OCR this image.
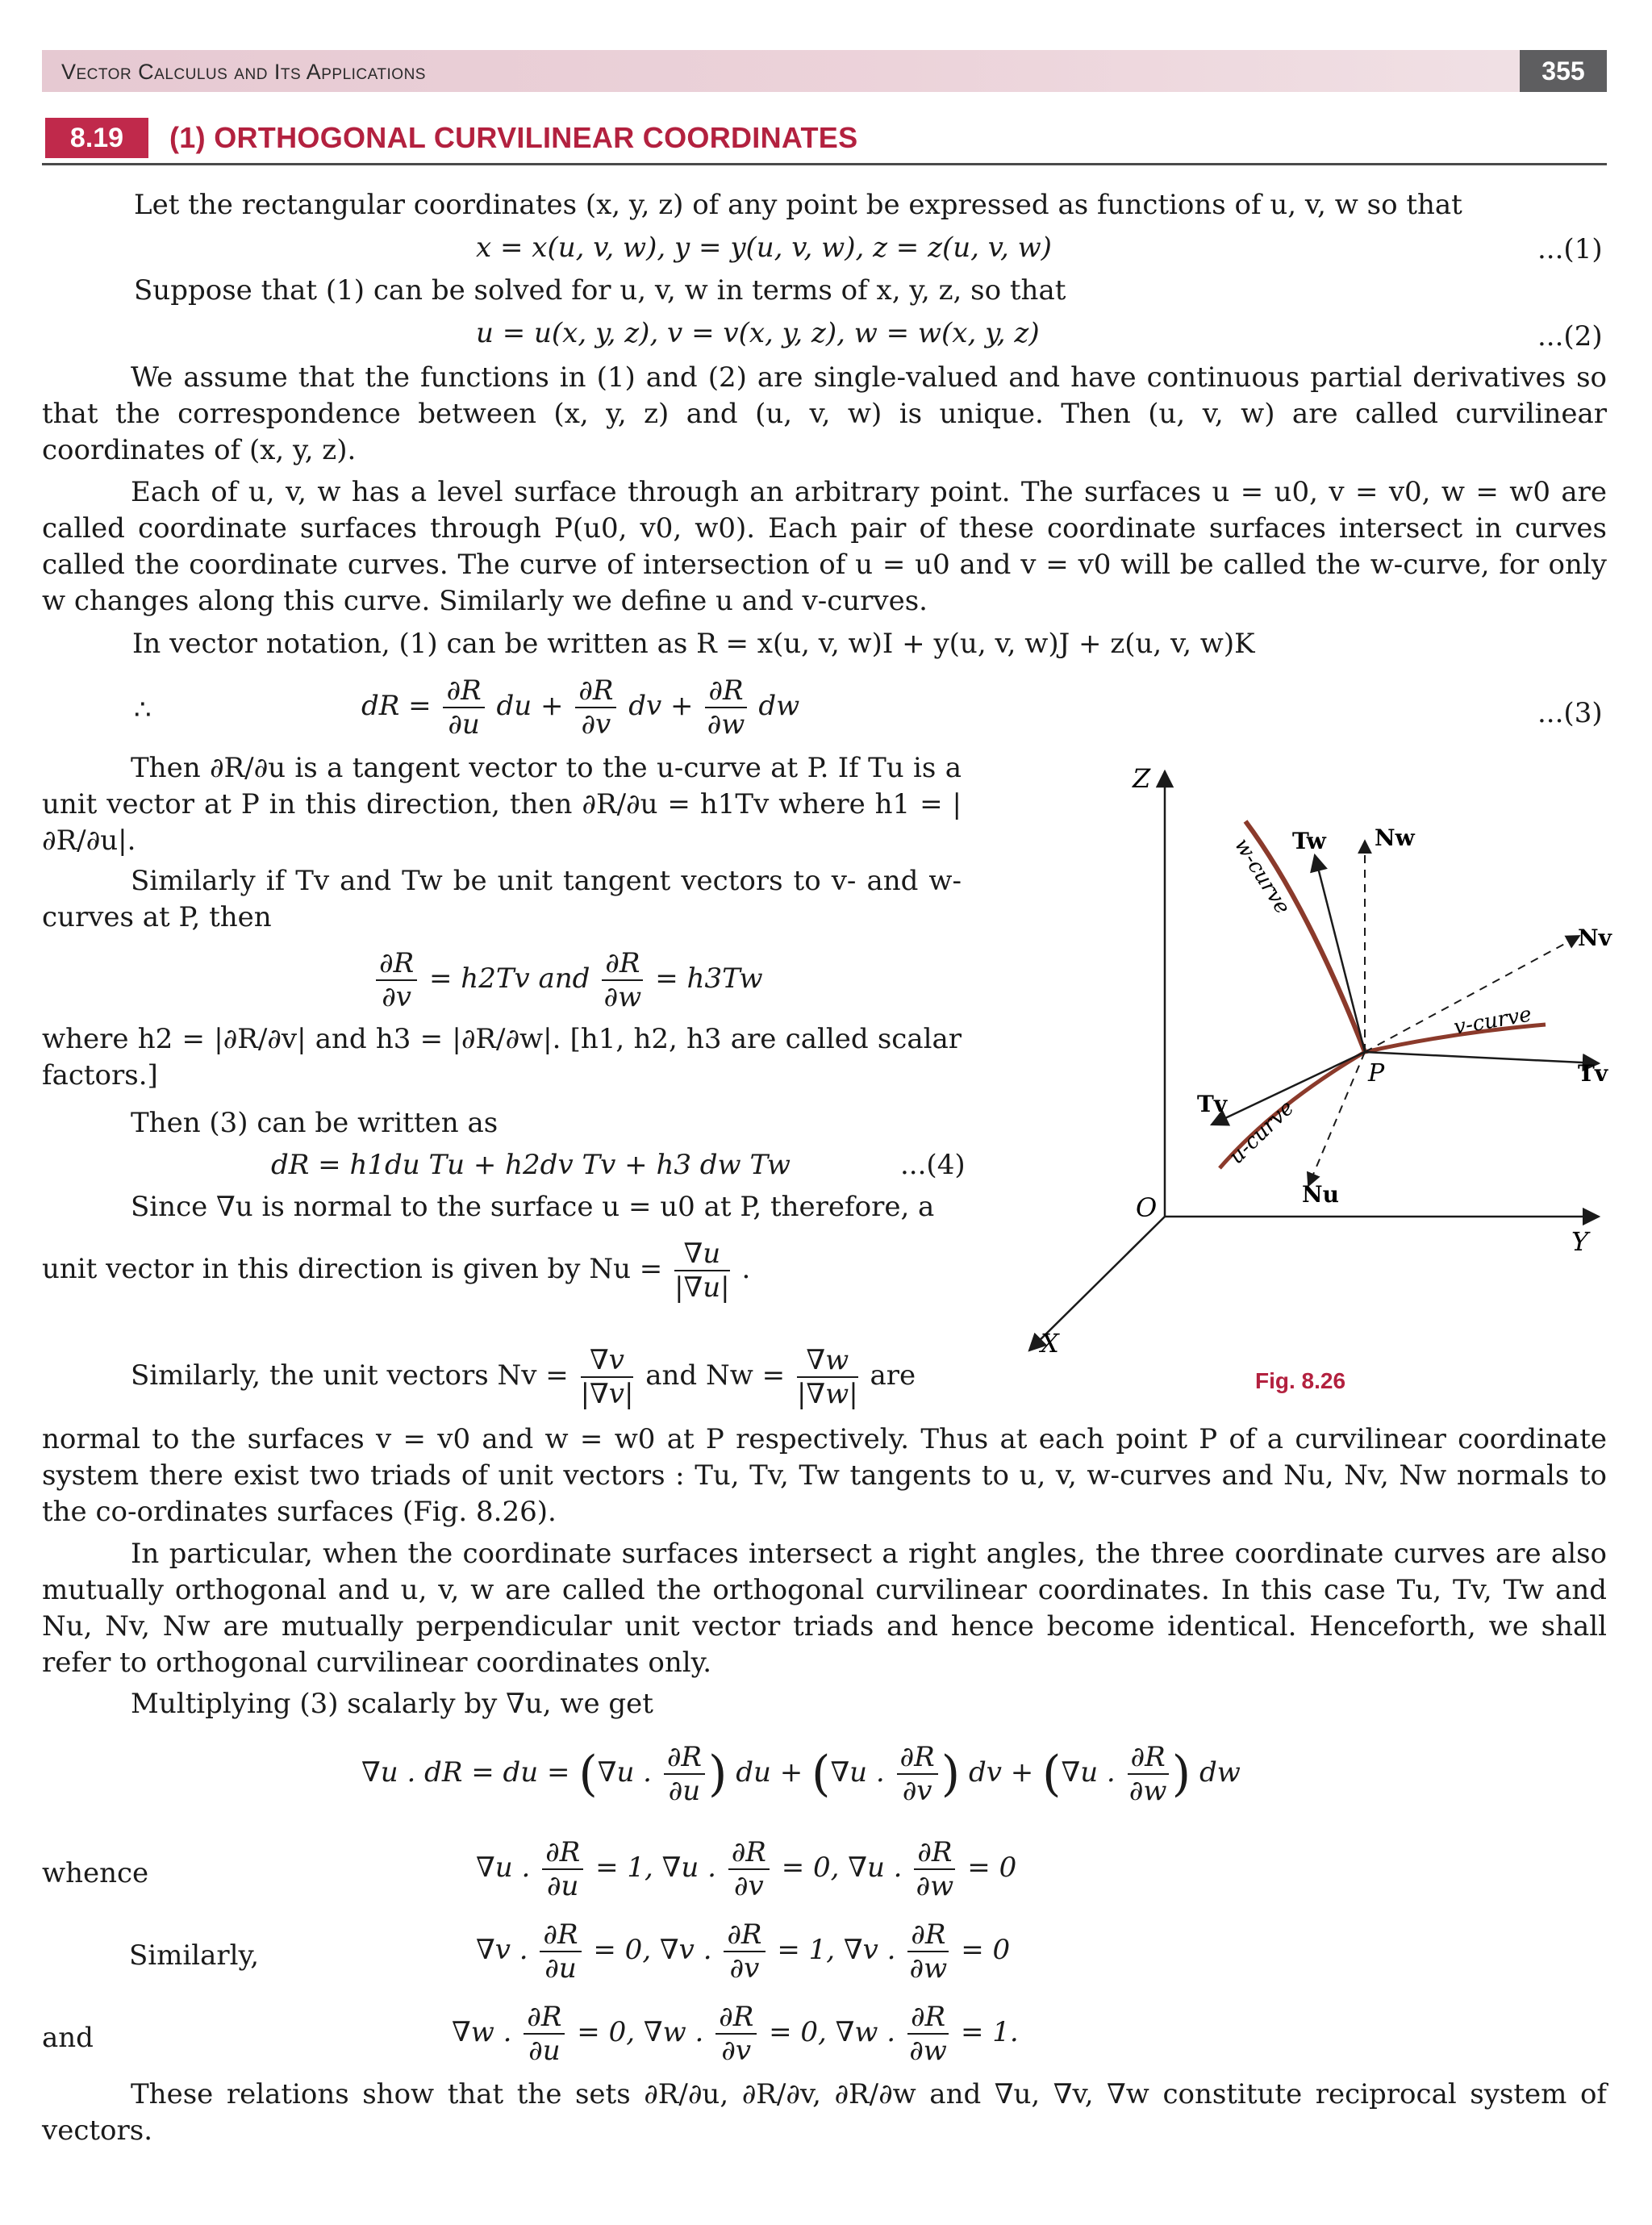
Vector Calculus and Its Applications	355
8.19	(1) ORTHOGONAL CURVILINEAR COORDINATES
Let the rectangular coordinates (x, y, z) of any point be expressed as functions of u, v, w so that
x = x(u, v, w), y = y(u, v, w), z = z(u, v, w)	...(1)
Suppose that (1) can be solved for u, v, w in terms of x, y, z, so that
u = u(x, y, z), v = v(x, y, z), w = w(x, y, z)	...(2)
We assume that the functions in (1) and (2) are single-valued and have continuous partial derivatives so that the correspondence between (x, y, z) and (u, v, w) is unique. Then (u, v, w) are called curvilinear coordinates of (x, y, z).
Each of u, v, w has a level surface through an arbitrary point. The surfaces u = u0, v = v0, w = w0 are called coordinate surfaces through P(u0, v0, w0). Each pair of these coordinate surfaces intersect in curves called the coordinate curves. The curve of intersection of u = u0 and v = v0 will be called the w-curve, for only w changes along this curve. Similarly we define u and v-curves.
In vector notation, (1) can be written as R = x(u, v, w)I + y(u, v, w)J + z(u, v, w)K
∴	dR = $\frac{\partial R}{\partial u}$ du + $\frac{\partial R}{\partial v}$ dv + $\frac{\partial R}{\partial w}$ dw	...(3)
Then ∂R/∂u is a tangent vector to the u-curve at P. If Tu is a unit vector at P in this direction, then ∂R/∂u = h1Tv where h1 = |∂R/∂u|.
Similarly if Tv and Tw be unit tangent vectors to v- and w-curves at P, then
$\frac{\partial R}{\partial v} = h2Tv$ and $\frac{\partial R}{\partial w} = h3Tw$
where h2 = |∂R/∂v| and h3 = |∂R/∂w|. [h1, h2, h3 are called scalar factors.]
Then (3) can be written as
dR = h1du Tu + h2dv Tv + h3 dw Tw	...(4)
Since ∇u is normal to the surface u = u0 at P, therefore, a
unit vector in this direction is given by $Nu = \frac{\nabla u}{|\nabla u|}$ .
Similarly, the unit vectors $Nv = \frac{\nabla v}{|\nabla v|}$ and $Nw = \frac{\nabla w}{|\nabla w|}$ are
Z
Y
X
O
P
w-curve
v-curve
u-curve
Tw Nw
Nv
Tv
Tv
Nu
Fig. 8.26
normal to the surfaces v = v0 and w = w0 at P respectively. Thus at each point P of a curvilinear coordinate system there exist two triads of unit vectors : Tu, Tv, Tw tangents to u, v, w-curves and Nu, Nv, Nw normals to the co-ordinates surfaces (Fig. 8.26).
In particular, when the coordinate surfaces intersect a right angles, the three coordinate curves are also mutually orthogonal and u, v, w are called the orthogonal curvilinear coordinates. In this case Tu, Tv, Tw and Nu, Nv, Nw are mutually perpendicular unit vector triads and hence become identical. Henceforth, we shall refer to orthogonal curvilinear coordinates only.
Multiplying (3) scalarly by ∇u, we get
∇u . dR = du = (∇u . $\frac{\partial R}{\partial u}$ ) du + (∇u . $\frac{\partial R}{\partial v}$ ) dv + (∇u . $\frac{\partial R}{\partial w}$ ) dw
whence	∇u . $\frac{\partial R}{\partial u} = 1$, ∇u . $\frac{\partial R}{\partial v} = 0$, ∇u . $\frac{\partial R}{\partial w} = 0$
Similarly,	∇v . $\frac{\partial R}{\partial u} = 0$, ∇v . $\frac{\partial R}{\partial v} = 1$, ∇v . $\frac{\partial R}{\partial w} = 0$
and	∇w . $\frac{\partial R}{\partial u} = 0$, ∇w . $\frac{\partial R}{\partial v} = 0$, ∇w . $\frac{\partial R}{\partial w} = 1$.
These relations show that the sets ∂R/∂u, ∂R/∂v, ∂R/∂w and ∇u, ∇v, ∇w constitute reciprocal system of vectors.
